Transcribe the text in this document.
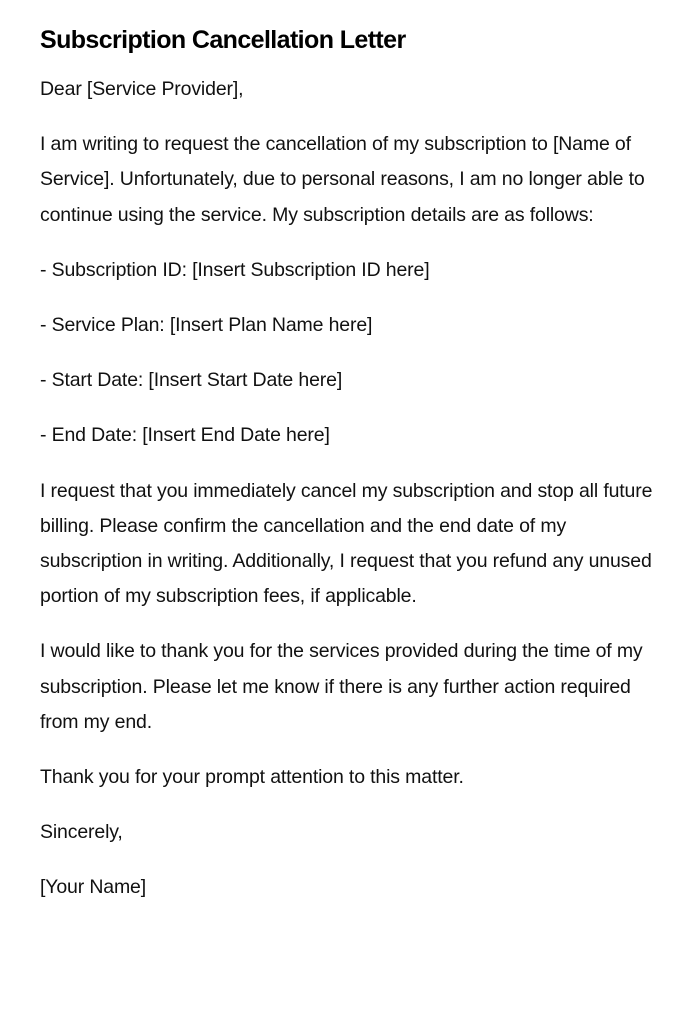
Subscription Cancellation Letter

Dear [Service Provider],

I am writing to request the cancellation of my subscription to [Name of Service]. Unfortunately, due to personal reasons, I am no longer able to continue using the service. My subscription details are as follows:

- Subscription ID: [Insert Subscription ID here]

- Service Plan: [Insert Plan Name here]

- Start Date: [Insert Start Date here]

- End Date: [Insert End Date here]

I request that you immediately cancel my subscription and stop all future billing. Please confirm the cancellation and the end date of my subscription in writing. Additionally, I request that you refund any unused portion of my subscription fees, if applicable.

I would like to thank you for the services provided during the time of my subscription. Please let me know if there is any further action required from my end.

Thank you for your prompt attention to this matter.

Sincerely,

[Your Name]
